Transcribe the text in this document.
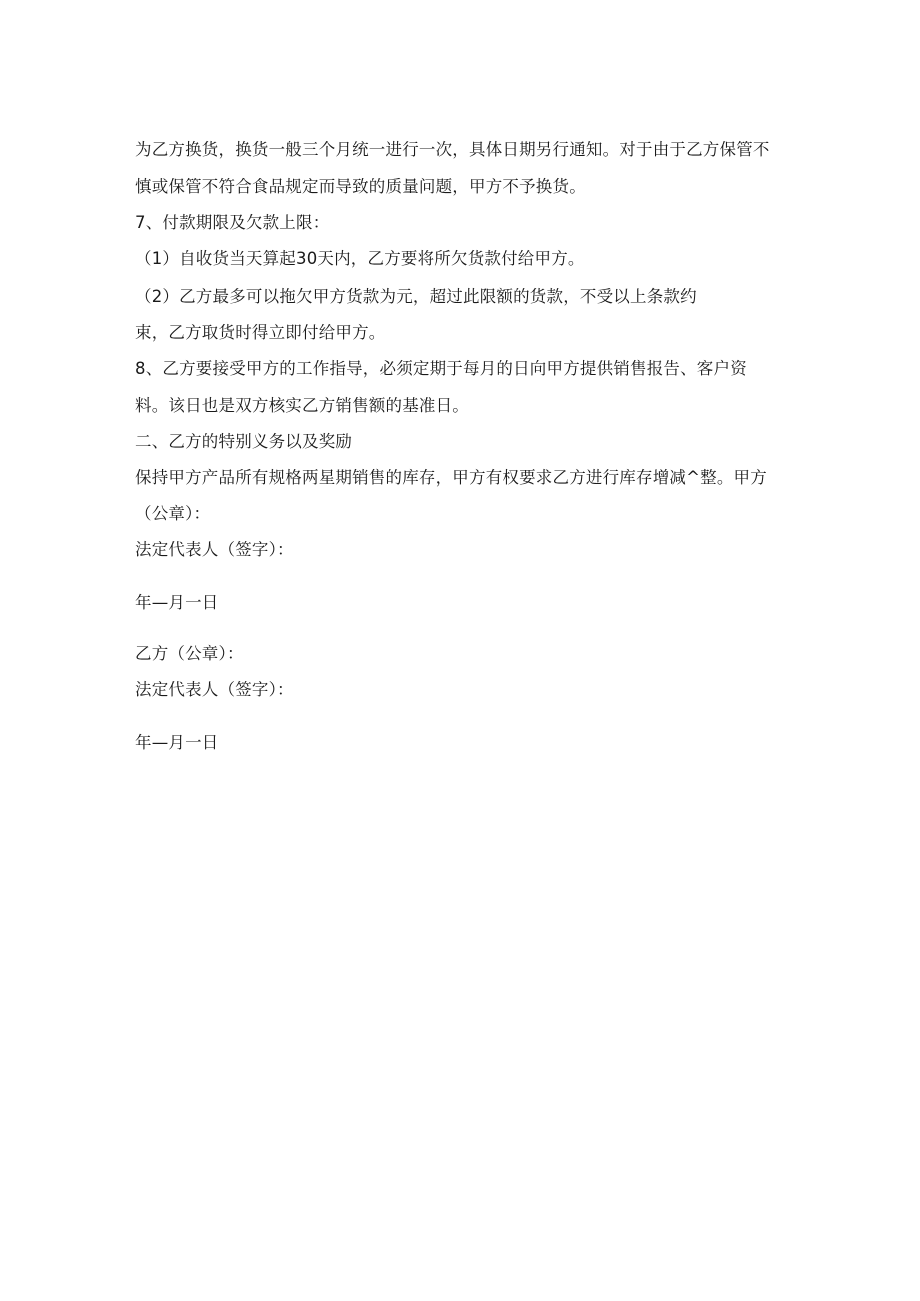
为乙方换货，换货一般三个月统一进行一次，具体日期另行通知。对于由于乙方保管不
慎或保管不符合食品规定而导致的质量问题，甲方不予换货。
7、付款期限及欠款上限：
（1）自收货当天算起30天内，乙方要将所欠货款付给甲方。
（2）乙方最多可以拖欠甲方货款为元，超过此限额的货款，不受以上条款约
束，乙方取货时得立即付给甲方。
8、乙方要接受甲方的工作指导，必须定期于每月的日向甲方提供销售报告、客户资
料。该日也是双方核实乙方销售额的基准日。
二、乙方的特别义务以及奖励
保持甲方产品所有规格两星期销售的库存，甲方有权要求乙方进行库存增减^整。甲方
（公章）：
法定代表人（签字）：
年—月一日
乙方（公章）：
法定代表人（签字）：
年—月一日
